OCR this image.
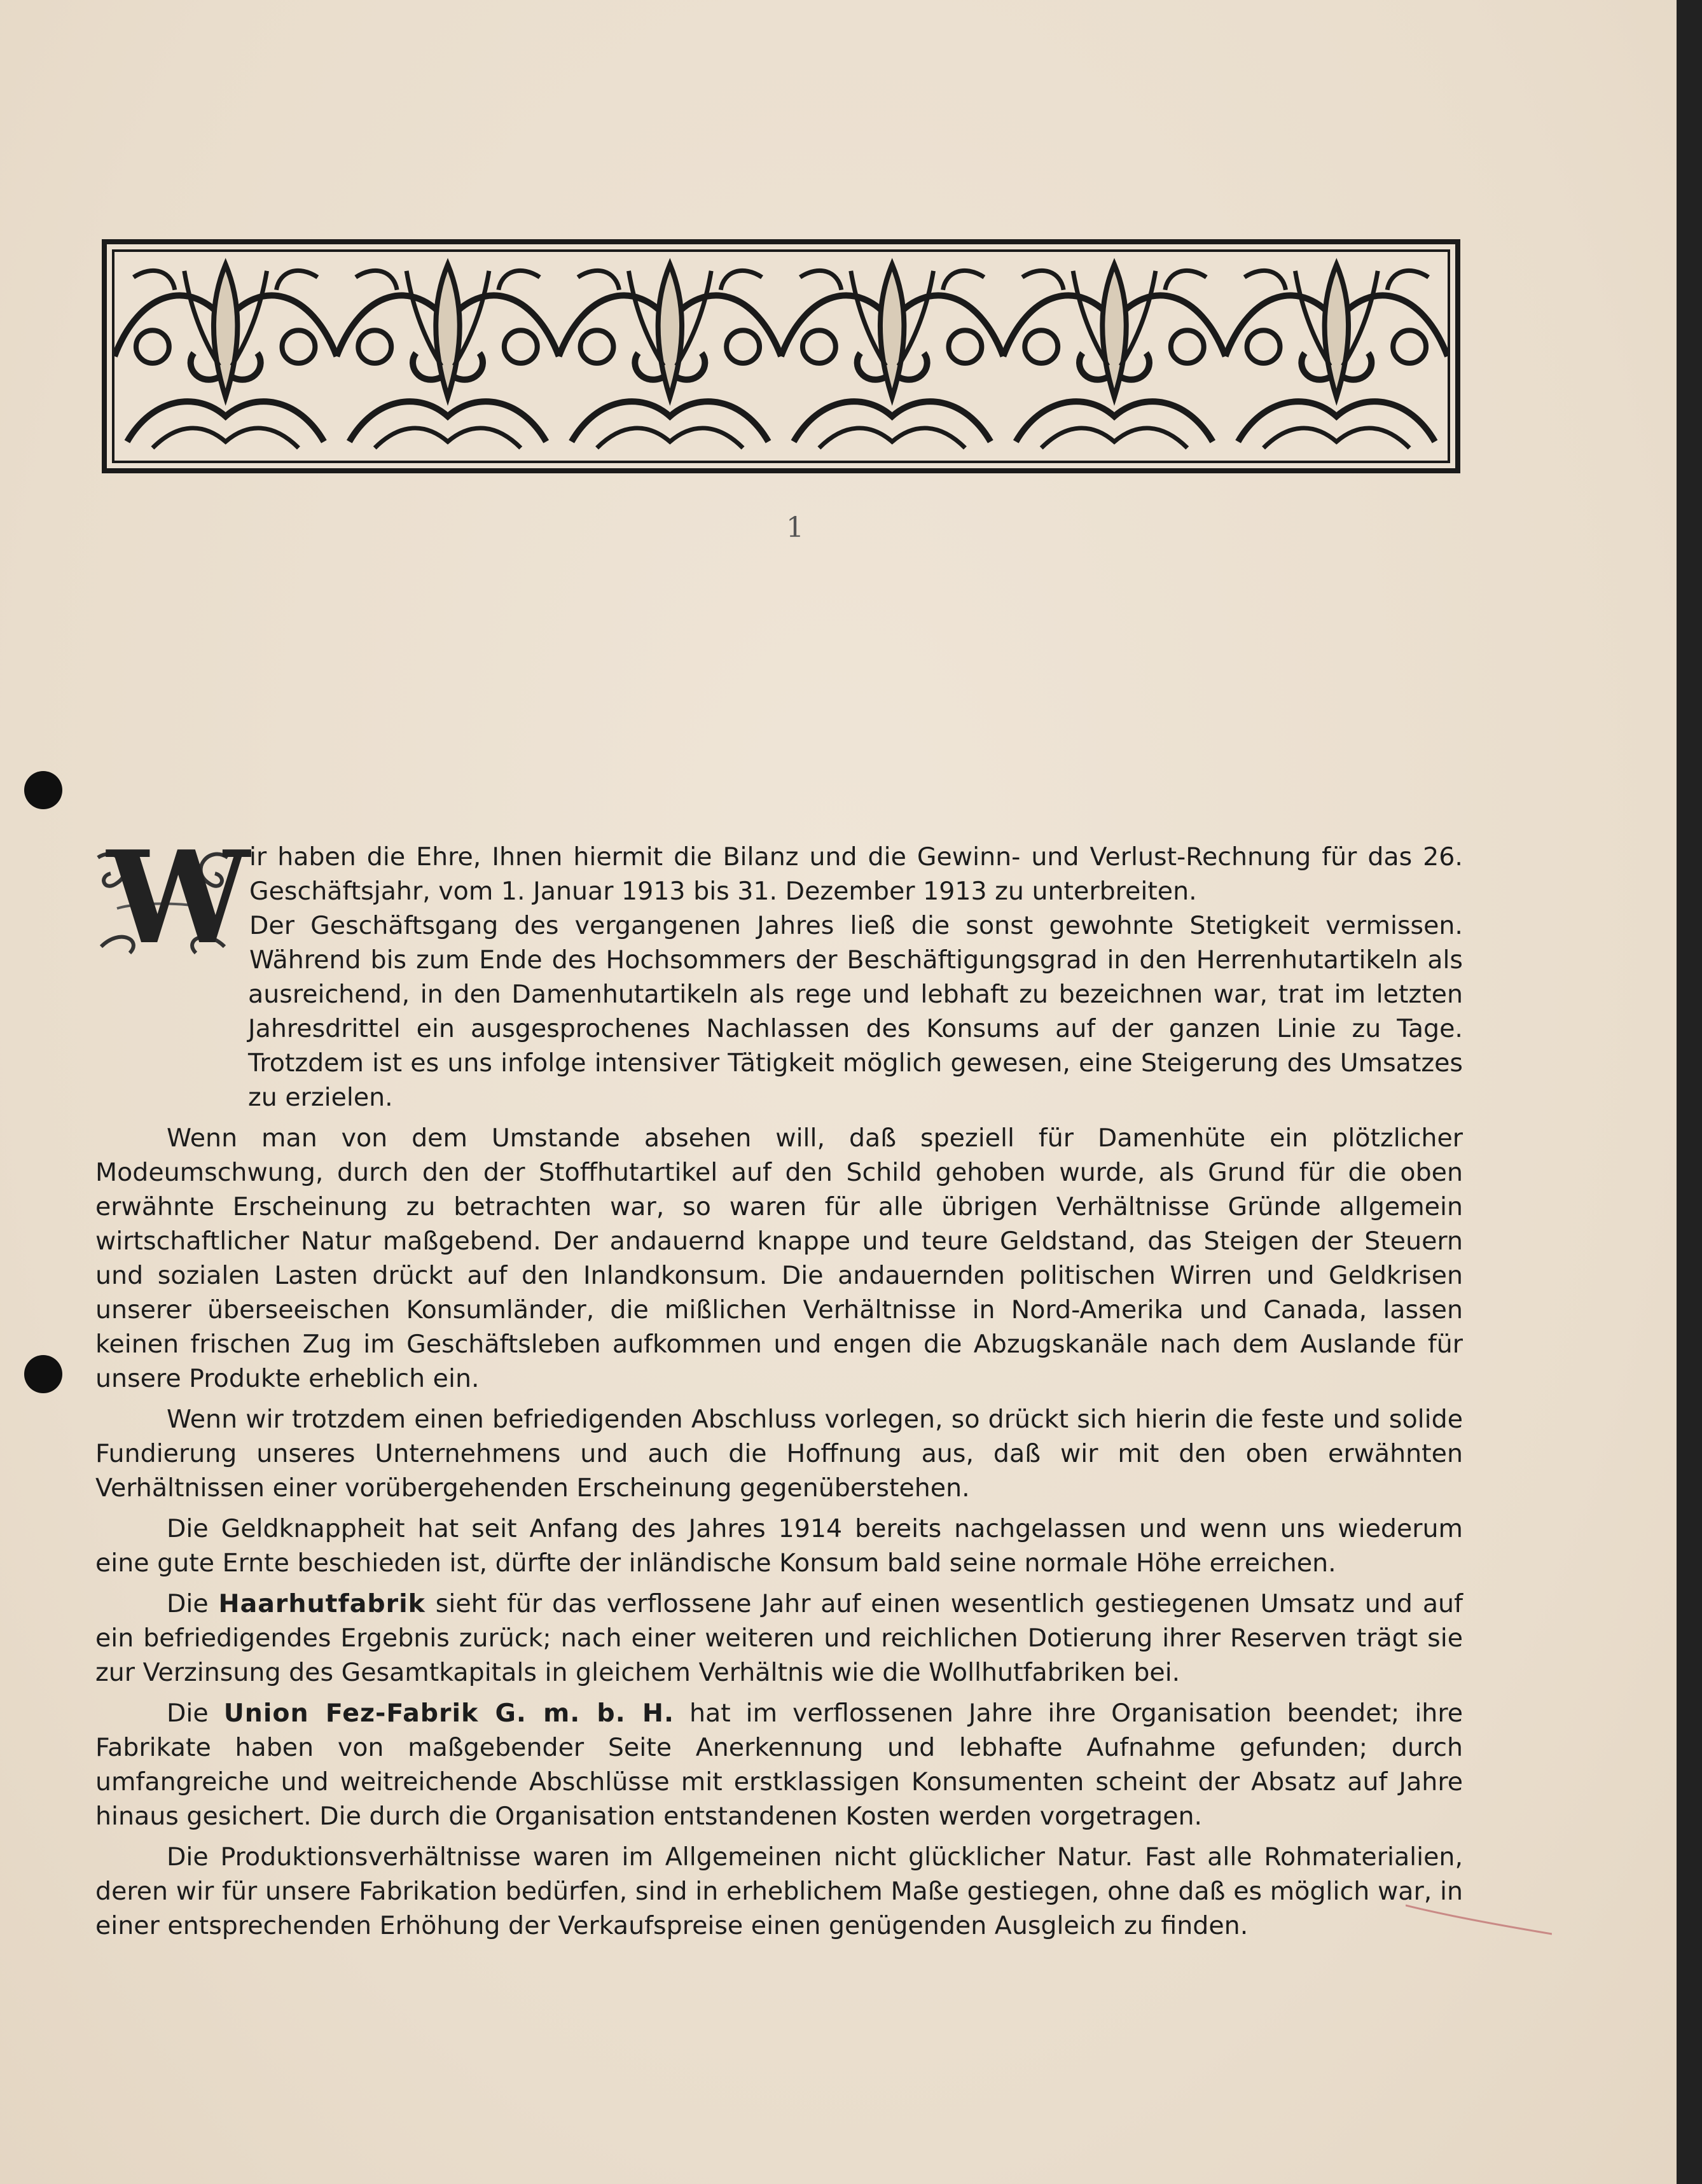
1

W ir haben die Ehre, Ihnen hiermit die Bilanz und die Gewinn- und Verlust-Rechnung für das 26. Geschäftsjahr, vom 1. Januar 1913 bis 31. Dezember 1913 zu unterbreiten.
Der Geschäftsgang des vergangenen Jahres ließ die sonst gewohnte Stetigkeit vermissen. Während bis zum Ende des Hochsommers der Beschäftigungsgrad in den Herrenhutartikeln als ausreichend, in den Damenhutartikeln als rege und lebhaft zu bezeichnen war, trat im letzten Jahresdrittel ein ausgesprochenes Nachlassen des Konsums auf der ganzen Linie zu Tage. Trotzdem ist es uns infolge intensiver Tätigkeit möglich gewesen, eine Steigerung des Umsatzes zu erzielen.

Wenn man von dem Umstande absehen will, daß speziell für Damenhüte ein plötzlicher Modeumschwung, durch den der Stoffhutartikel auf den Schild gehoben wurde, als Grund für die oben erwähnte Erscheinung zu betrachten war, so waren für alle übrigen Verhältnisse Gründe allgemein wirtschaftlicher Natur maßgebend. Der andauernd knappe und teure Geldstand, das Steigen der Steuern und sozialen Lasten drückt auf den Inlandkonsum. Die andauernden politischen Wirren und Geldkrisen unserer überseeischen Konsumländer, die mißlichen Verhältnisse in Nord-Amerika und Canada, lassen keinen frischen Zug im Geschäftsleben aufkommen und engen die Abzugskanäle nach dem Auslande für unsere Produkte erheblich ein.

Wenn wir trotzdem einen befriedigenden Abschluss vorlegen, so drückt sich hierin die feste und solide Fundierung unseres Unternehmens und auch die Hoffnung aus, daß wir mit den oben erwähnten Verhältnissen einer vorübergehenden Erscheinung gegenüberstehen.

Die Geldknappheit hat seit Anfang des Jahres 1914 bereits nachgelassen und wenn uns wiederum eine gute Ernte beschieden ist, dürfte der inländische Konsum bald seine normale Höhe erreichen.

Die Haarhutfabrik sieht für das verflossene Jahr auf einen wesentlich gestiegenen Umsatz und auf ein befriedigendes Ergebnis zurück; nach einer weiteren und reichlichen Dotierung ihrer Reserven trägt sie zur Verzinsung des Gesamtkapitals in gleichem Verhältnis wie die Wollhutfabriken bei.

Die Union Fez-Fabrik G. m. b. H. hat im verflossenen Jahre ihre Organisation beendet; ihre Fabrikate haben von maßgebender Seite Anerkennung und lebhafte Aufnahme gefunden; durch umfangreiche und weitreichende Abschlüsse mit erstklassigen Konsumenten scheint der Absatz auf Jahre hinaus gesichert. Die durch die Organisation entstandenen Kosten werden vorgetragen.

Die Produktionsverhältnisse waren im Allgemeinen nicht glücklicher Natur. Fast alle Rohmaterialien, deren wir für unsere Fabrikation bedürfen, sind in erheblichem Maße gestiegen, ohne daß es möglich war, in einer entsprechenden Erhöhung der Verkaufspreise einen genügenden Ausgleich zu finden.
